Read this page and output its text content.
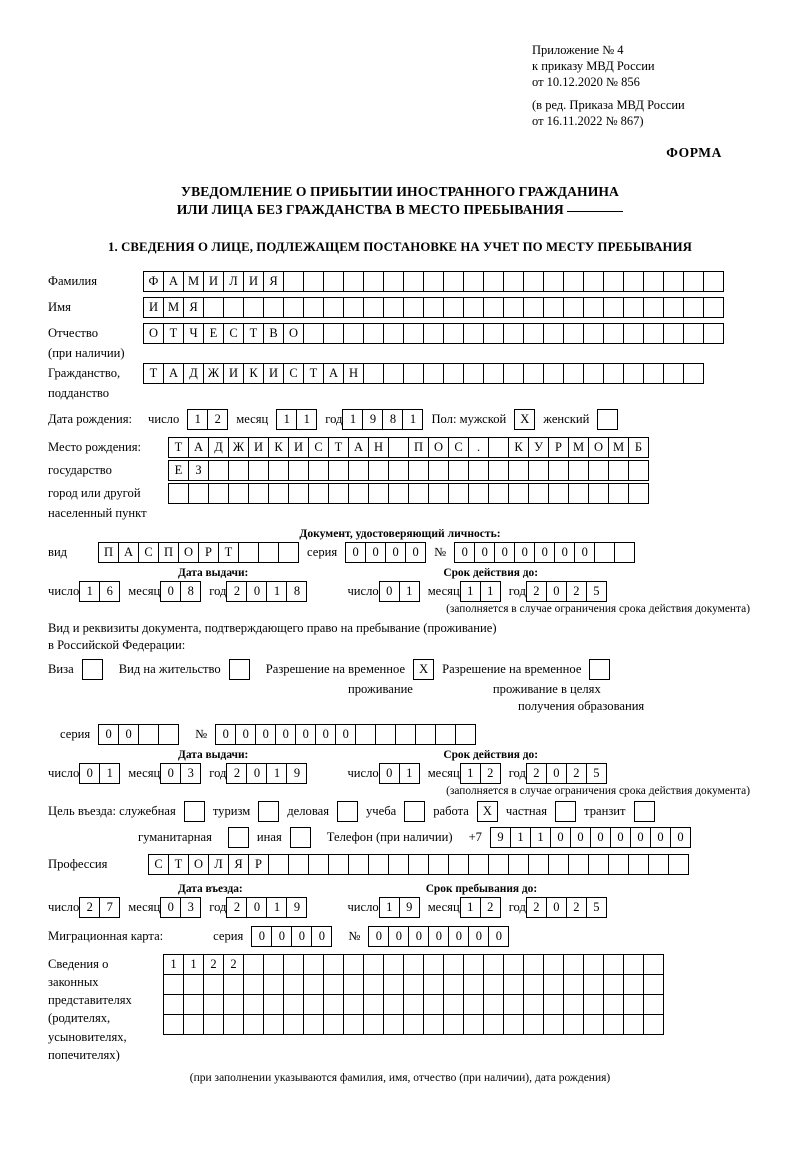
Приложение № 4
к приказу МВД России
от 10.12.2020 № 856
(в ред. Приказа МВД России
от 16.11.2022 № 867)
ФОРМА
УВЕДОМЛЕНИЕ О ПРИБЫТИИ ИНОСТРАННОГО ГРАЖДАНИНА
ИЛИ ЛИЦА БЕЗ ГРАЖДАНСТВА В МЕСТО ПРЕБЫВАНИЯ
1. СВЕДЕНИЯ О ЛИЦЕ, ПОДЛЕЖАЩЕМ ПОСТАНОВКЕ НА УЧЕТ ПО МЕСТУ ПРЕБЫВАНИЯ
Фамилия	Ф А М И Л И Я
Имя	И М Я
Отчество	О Т Ч Е С Т В О
(при наличии)
Гражданство,	Т А Д Ж И К И С Т А Н
подданство
Дата рождения: число	1	2	месяц	1	1	год 1	9	8	1	Пол: мужской	Х	женский
Место рождения:	Т А Д Ж И К И С Т А Н	П О С	.	К У Р М О М Б
государство	Е	З
город или другой
населенный пункт
Документ, удостоверяющий личность:
вид	П А С П О Р	Т	серия	0	0	0	0	№	0	0	0	0	0	0	0
Дата выдачи:	Срок действия до:
число 1	6	месяц 0	8	год 2	0	1	8	число 0	1	месяц 1	1	год 2	0	2	5
(заполняется в случае ограничения срока действия документа)
Вид и реквизиты документа, подтверждающего право на пребывание (проживание)
в Российской Федерации:
Виза	Вид на жительство	Разрешение на временное	Х	Разрешение на временное
проживание	проживание в целях
получения образования
серия	0	0	№	0	0	0	0	0	0	0
Дата выдачи:	Срок действия до:
число 0	1	месяц 0	3	год 2	0	1	9	число 0	1	месяц 1	2	год 2	0	2	5
(заполняется в случае ограничения срока действия документа)
Цель въезда: служебная	туризм	деловая	учеба	работа	Х	частная	транзит
гуманитарная	иная	Телефон (при наличии) +7	9	1	1	0	0	0	0	0	0	0
Профессия	С Т О Л Я Р
Дата въезда:	Срок пребывания до:
число 2	7	месяц 0	3	год 2	0	1	9	число 1	9	месяц 1	2	год 2	0	2	5
Миграционная карта:	серия	0	0	0	0	№	0	0	0	0	0	0	0
Сведения о
законных
представителях
(родителях,
усыновителях,
попечителях)
1	1	2	2
(при заполнении указываются фамилия, имя, отчество (при наличии), дата рождения)
